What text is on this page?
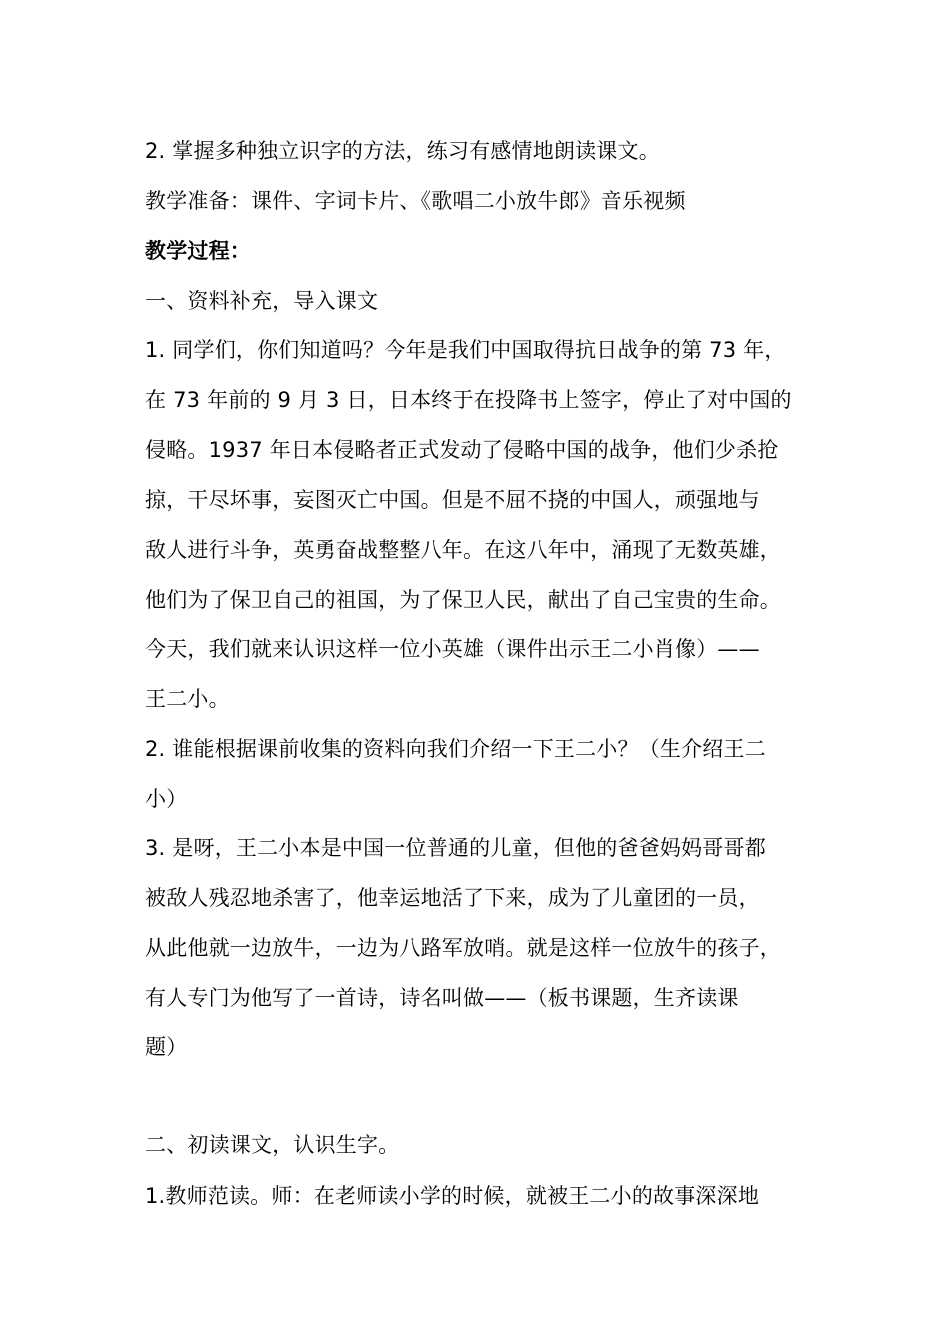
2. 掌握多种独立识字的方法，练习有感情地朗读课文。
教学准备：课件、字词卡片、《歌唱二小放牛郎》音乐视频
教学过程：
一、资料补充，导入课文
1. 同学们，你们知道吗？今年是我们中国取得抗日战争的第 73 年，
在 73 年前的 9 月 3 日，日本终于在投降书上签字，停止了对中国的
侵略。1937 年日本侵略者正式发动了侵略中国的战争，他们少杀抢
掠，干尽坏事，妄图灭亡中国。但是不屈不挠的中国人，顽强地与
敌人进行斗争，英勇奋战整整八年。在这八年中，涌现了无数英雄，
他们为了保卫自己的祖国，为了保卫人民，献出了自己宝贵的生命。
今天，我们就来认识这样一位小英雄（课件出示王二小肖像）——
王二小。
2. 谁能根据课前收集的资料向我们介绍一下王二小？（生介绍王二
小）
3. 是呀，王二小本是中国一位普通的儿童，但他的爸爸妈妈哥哥都
被敌人残忍地杀害了，他幸运地活了下来，成为了儿童团的一员，
从此他就一边放牛，一边为八路军放哨。就是这样一位放牛的孩子，
有人专门为他写了一首诗，诗名叫做——（板书课题，生齐读课
题）
二、初读课文，认识生字。
1.教师范读。师：在老师读小学的时候，就被王二小的故事深深地
